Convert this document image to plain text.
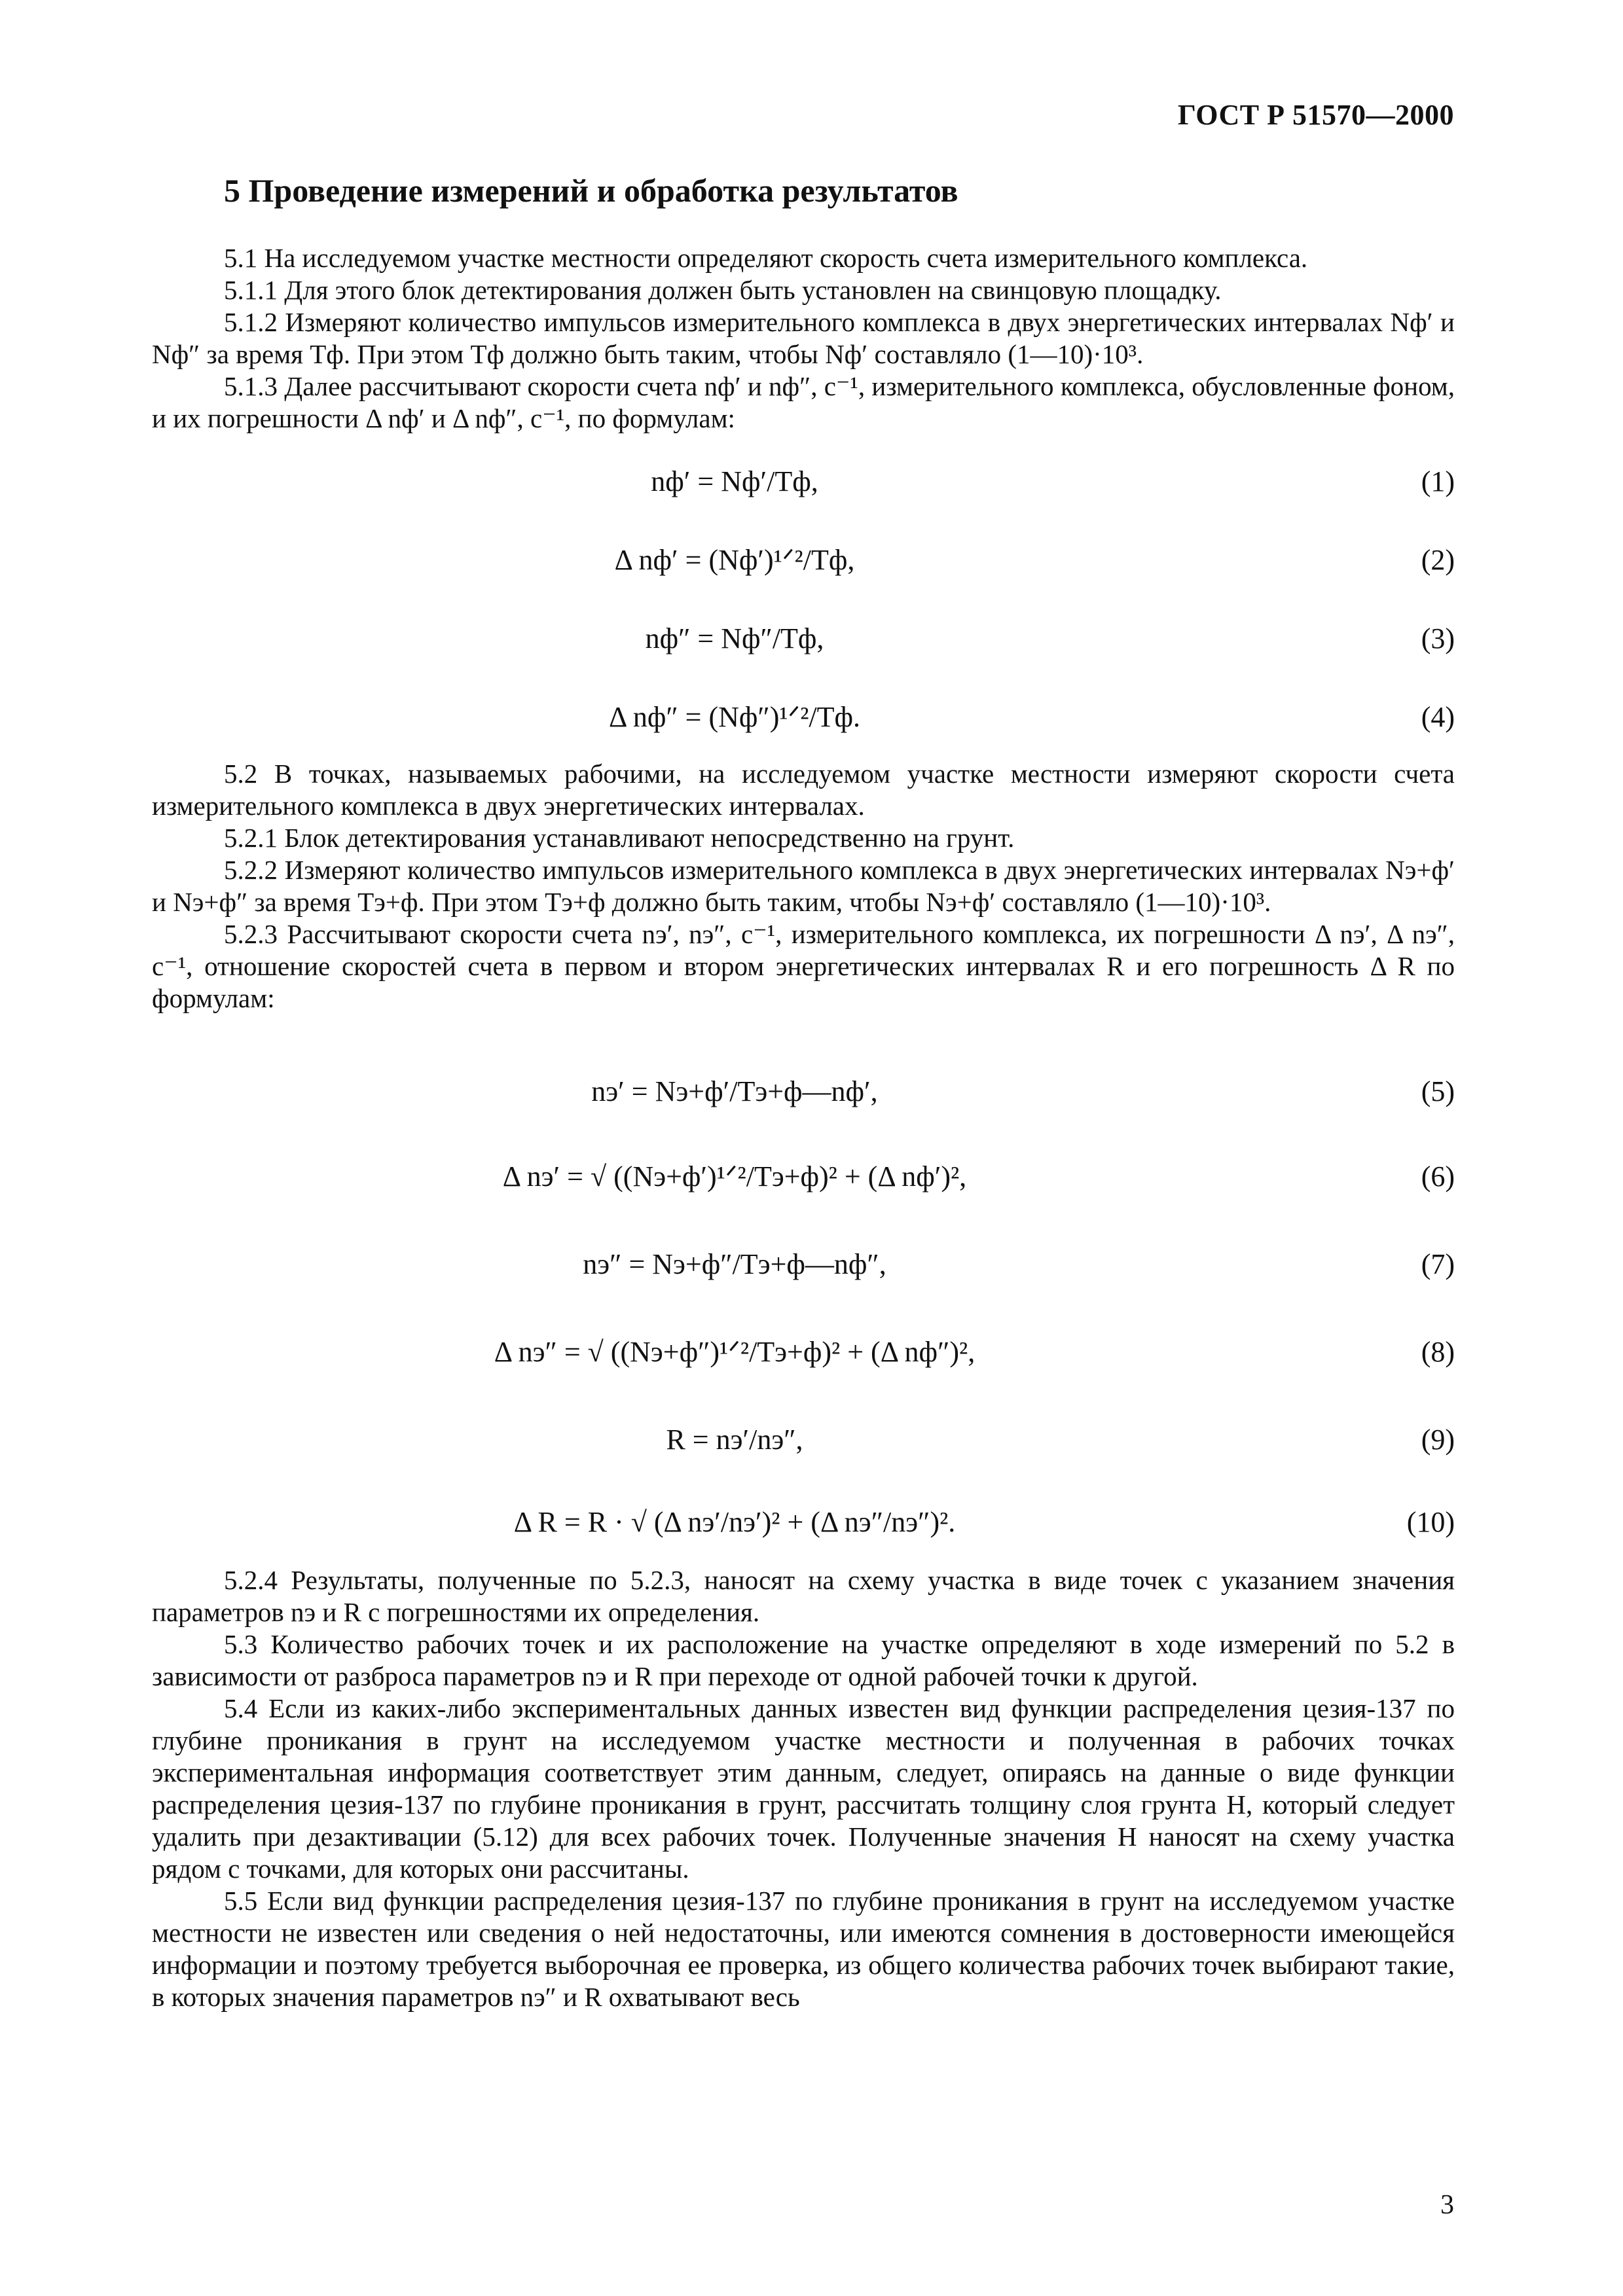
ГОСТ Р 51570—2000
5 Проведение измерений и обработка результатов

5.1 На исследуемом участке местности определяют скорость счета измерительного комплекса.

5.1.1 Для этого блок детектирования должен быть установлен на свинцовую площадку.

5.1.2 Измеряют количество импульсов измерительного комплекса в двух энергетических интервалах Nф′ и Nф″ за время Tф. При этом Tф должно быть таким, чтобы Nф′ составляло (1—10)·10³.

5.1.3 Далее рассчитывают скорости счета nф′ и nф″, с⁻¹, измерительного комплекса, обусловленные фоном, и их погрешности Δ nф′ и Δ nф″, с⁻¹, по формулам:

nф′ = Nф′/Tф,	(1)
Δ nф′ = (Nф′)¹ᐟ²/Tф,	(2)
nф″ = Nф″/Tф,	(3)
Δ nф″ = (Nф″)¹ᐟ²/Tф.	(4)

5.2 В точках, называемых рабочими, на исследуемом участке местности измеряют скорости счета измерительного комплекса в двух энергетических интервалах.

5.2.1 Блок детектирования устанавливают непосредственно на грунт.

5.2.2 Измеряют количество импульсов измерительного комплекса в двух энергетических интервалах Nэ+ф′ и Nэ+ф″ за время Tэ+ф. При этом Tэ+ф должно быть таким, чтобы Nэ+ф′ составляло (1—10)·10³.

5.2.3 Рассчитывают скорости счета nэ′, nэ″, с⁻¹, измерительного комплекса, их погрешности Δ nэ′, Δ nэ″, с⁻¹, отношение скоростей счета в первом и втором энергетических интервалах R и его погрешность Δ R по формулам:

nэ′ = Nэ+ф′/Tэ+ф—nф′,	(5)
Δ nэ′ = √ ((Nэ+ф′)¹ᐟ²/Tэ+ф)² + (Δ nф′)²,	(6)
nэ″ = Nэ+ф″/Tэ+ф—nф″,	(7)
Δ nэ″ = √ ((Nэ+ф″)¹ᐟ²/Tэ+ф)² + (Δ nф″)²,	(8)
R = nэ′/nэ″,	(9)
Δ R = R · √ (Δ nэ′/nэ′)² + (Δ nэ″/nэ″)².	(10)

5.2.4 Результаты, полученные по 5.2.3, наносят на схему участка в виде точек с указанием значения параметров nэ и R с погрешностями их определения.

5.3 Количество рабочих точек и их расположение на участке определяют в ходе измерений по 5.2 в зависимости от разброса параметров nэ и R при переходе от одной рабочей точки к другой.

5.4 Если из каких-либо экспериментальных данных известен вид функции распределения цезия-137 по глубине проникания в грунт на исследуемом участке местности и полученная в рабочих точках экспериментальная информация соответствует этим данным, следует, опираясь на данные о виде функции распределения цезия-137 по глубине проникания в грунт, рассчитать толщину слоя грунта H, который следует удалить при дезактивации (5.12) для всех рабочих точек. Полученные значения H наносят на схему участка рядом с точками, для которых они рассчитаны.

5.5 Если вид функции распределения цезия-137 по глубине проникания в грунт на исследуемом участке местности не известен или сведения о ней недостаточны, или имеются сомнения в достоверности имеющейся информации и поэтому требуется выборочная ее проверка, из общего количества рабочих точек выбирают такие, в которых значения параметров nэ″ и R охватывают весь

3
